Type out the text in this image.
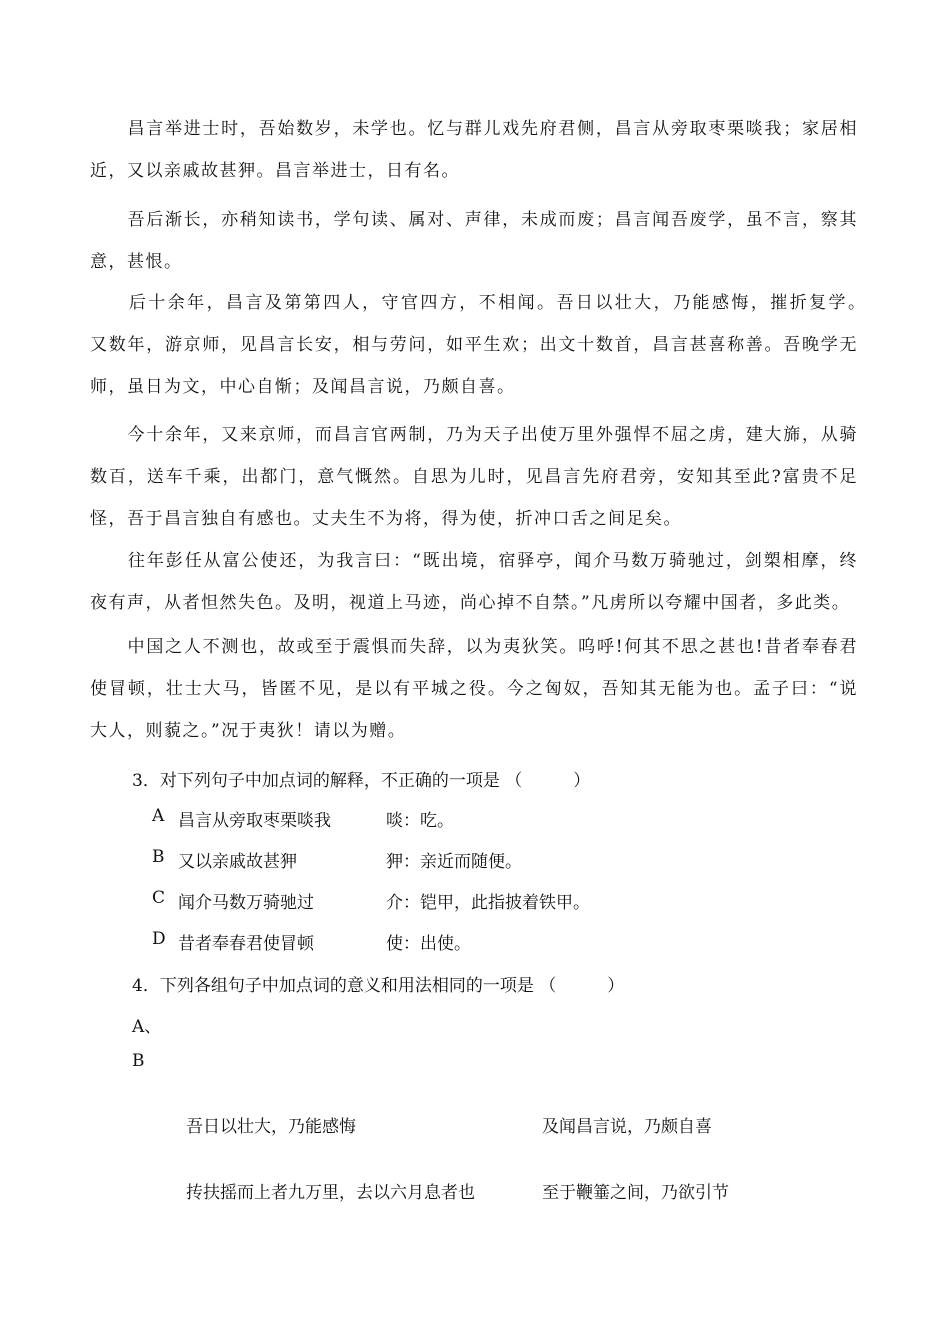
　　昌言举进士时，吾始数岁，未学也。忆与群儿戏先府君侧，昌言从旁取枣栗啖我；家居相近，又以亲戚故甚狎。昌言举进士，日有名。

　　吾后渐长，亦稍知读书，学句读、属对、声律，未成而废；昌言闻吾废学，虽不言，察其意，甚恨。

　　后十余年，昌言及第第四人，守官四方，不相闻。吾日以壮大，乃能感悔，摧折复学。　又数年，游京师，见昌言长安，相与劳问，如平生欢；出文十数首，昌言甚喜称善。吾晚学无师，虽日为文，中心自惭；及闻昌言说，乃颇自喜。

　　今十余年，又来京师，而昌言官两制，乃为天子出使万里外强悍不屈之虏，建大旆，从骑数百，送车千乘，出都门，意气慨然。自思为儿时，见昌言先府君旁，安知其至此?富贵不足怪，吾于昌言独自有感也。丈夫生不为将，得为使，折冲口舌之间足矣。

　　往年彭任从富公使还，为我言曰：“既出境，宿驿亭，闻介马数万骑驰过，剑槊相摩，终夜有声，从者怛然失色。及明，视道上马迹，尚心掉不自禁。”凡虏所以夸耀中国者，多此类。

　　中国之人不测也，故或至于震惧而失辞，以为夷狄笑。呜呼!何其不思之甚也!昔者奉春君使冒顿，壮士大马，皆匿不见，是以有平城之役。今之匈奴，吾知其无能为也。孟子曰：“说大人，则藐之。”况于夷狄！请以为赠。

3．对下列句子中加点词的解释，不正确的一项是 （　　　）
A 昌言从旁取枣栗啖我	啖：吃。
B 又以亲戚故甚狎	狎：亲近而随便。
C 闻介马数万骑驰过	介：铠甲，此指披着铁甲。
D 昔者奉春君使冒顿	使：出使。
4．下列各组句子中加点词的意义和用法相同的一项是 （　　　）
A、
B
吾日以壮大，乃能感悔	及闻昌言说，乃颇自喜
抟扶摇而上者九万里，去以六月息者也	至于鞭箠之间，乃欲引节
